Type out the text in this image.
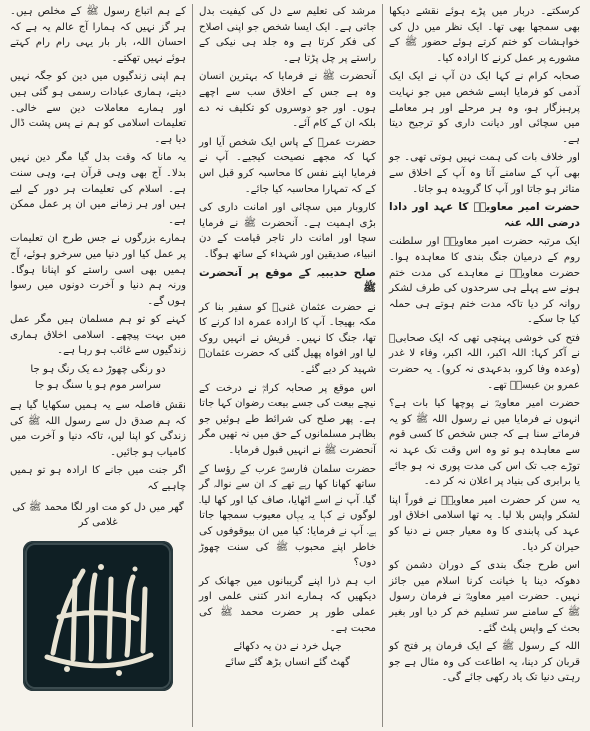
کرسکتے۔ دربار میں پڑے ہوئے نقشے دیکھا بھی سمجھا بھی تھا۔ ایک نظر میں دل کی خواہشات کو ختم کرتے ہوئے حضور ﷺ کے مشورے پر عمل کرنے کا ارادہ کیا۔

صحابہ کرام نے کہا ایک دن آپ نے ایک ایک آدمی کو فرمایا ایسے شخص میں جو نہایت پرہیزگار ہو، وہ ہر مرحلے اور ہر معاملے میں سچائی اور دیانت داری کو ترجیح دیتا ہے۔

اور خلاف بات کی ہمت نہیں ہوتی تھی۔ جو بھی آپ کے سامنے آتا وہ آپ کے اخلاق سے متاثر ہو جاتا اور آپ کا گرویدہ ہو جاتا۔

حضرت امیر معاویہؓ کا عہد اور دادا درضی اللہ عنہ

ایک مرتبہ حضرت امیر معاویہؓ اور سلطنت روم کے درمیان جنگ بندی کا معاہدہ ہوا۔ حضرت معاویہؓ نے معاہدے کی مدت ختم ہونے سے پہلے ہی سرحدوں کی طرف لشکر روانہ کر دیا تاکہ مدت ختم ہوتے ہی حملہ کیا جا سکے۔

فتح کی خوشی پہنچی تھی کہ ایک صحابیؓ نے آکر کہا: اللہ اکبر، اللہ اکبر، وفاء لا غدر (وعدہ وفا کرو، بدعہدی نہ کرو)۔ یہ حضرت عمرو بن عبسہؓ تھے۔

حضرت امیر معاویہؓ نے پوچھا کیا بات ہے؟ انہوں نے فرمایا میں نے رسول اللہ ﷺ کو یہ فرماتے سنا ہے کہ جس شخص کا کسی قوم سے معاہدہ ہو تو وہ اس وقت تک عہد نہ توڑے جب تک اس کی مدت پوری نہ ہو جائے یا برابری کی بنیاد پر اعلان نہ کر دے۔

یہ سن کر حضرت امیر معاویہؓ نے فوراً اپنا لشکر واپس بلا لیا۔ یہ تھا اسلامی اخلاق اور عہد کی پابندی کا وہ معیار جس نے دنیا کو حیران کر دیا۔

اس طرح جنگ بندی کے دوران دشمن کو دھوکہ دینا یا خیانت کرنا اسلام میں جائز نہیں۔ حضرت امیر معاویہؓ نے فرمان رسول ﷺ کے سامنے سر تسلیم خم کر دیا اور بغیر بحث کے واپس پلٹ گئے۔

اللہ کے رسول ﷺ کے ایک فرمان پر فتح کو قربان کر دینا، یہ اطاعت کی وہ مثال ہے جو رہتی دنیا تک یاد رکھی جائے گی۔

مرشد کی تعلیم سے دل کی کیفیت بدل جاتی ہے۔ ایک ایسا شخص جو اپنی اصلاح کی فکر کرتا ہے وہ جلد ہی نیکی کے راستے پر چل پڑتا ہے۔

آنحضرت ﷺ نے فرمایا کہ بہترین انسان وہ ہے جس کے اخلاق سب سے اچھے ہوں۔ اور جو دوسروں کو تکلیف نہ دے بلکہ ان کے کام آئے۔

حضرت عمرؓ کے پاس ایک شخص آیا اور کہا کہ مجھے نصیحت کیجیے۔ آپ نے فرمایا اپنے نفس کا محاسبہ کرو قبل اس کے کہ تمہارا محاسبہ کیا جائے۔

کاروبار میں سچائی اور امانت داری کی بڑی اہمیت ہے۔ آنحضرت ﷺ نے فرمایا سچا اور امانت دار تاجر قیامت کے دن انبیاء، صدیقین اور شہداء کے ساتھ ہوگا۔

صلح حدیبیہ کے موقع پر آنحضرت ﷺ

نے حضرت عثمان غنیؓ کو سفیر بنا کر مکہ بھیجا۔ آپ کا ارادہ عمرہ ادا کرنے کا تھا، جنگ کا نہیں۔ قریش نے انہیں روک لیا اور افواہ پھیل گئی کہ حضرت عثمانؓ شہید کر دیے گئے۔

اس موقع پر صحابہ کرامؓ نے درخت کے نیچے بیعت کی جسے بیعت رضوان کہا جاتا ہے۔ پھر صلح کی شرائط طے ہوئیں جو بظاہر مسلمانوں کے حق میں نہ تھیں مگر آنحضرت ﷺ نے انہیں قبول فرمایا۔

حضرت سلمان فارسیؓ عرب کے رؤسا کے ساتھ کھانا کھا رہے تھے کہ ان سے نوالہ گر گیا۔ آپ نے اسے اٹھایا، صاف کیا اور کھا لیا۔ لوگوں نے کہا یہ یہاں معیوب سمجھا جاتا ہے۔ آپ نے فرمایا: کیا میں ان بیوقوفوں کی خاطر اپنے محبوب ﷺ کی سنت چھوڑ دوں؟

اب ہم ذرا اپنے گریبانوں میں جھانک کر دیکھیں کہ ہمارے اندر کتنی علمی اور عملی طور پر حضرت محمد ﷺ کی محبت ہے۔

جہل خرد نے دن یہ دکھائے
گھٹ گئے انساں بڑھ گئے سائے

کے ہم اتباع رسول ﷺ کے مخلص ہیں۔ ہر گز نہیں کہ ہمارا آج عالم یہ ہے کہ احسان اللہ، بار بار یہی رام رام کہتے ہوئے نہیں تھکتے۔

ہم اپنی زندگیوں میں دین کو جگہ نہیں دیتے، ہماری عبادات رسمی ہو گئی ہیں اور ہمارے معاملات دین سے خالی۔ تعلیمات اسلامی کو ہم نے پس پشت ڈال دیا ہے۔

یہ مانا کہ وقت بدل گیا مگر دین نہیں بدلا۔ آج بھی وہی قرآن ہے، وہی سنت ہے۔ اسلام کی تعلیمات ہر دور کے لیے ہیں اور ہر زمانے میں ان پر عمل ممکن ہے۔

ہمارے بزرگوں نے جس طرح ان تعلیمات پر عمل کیا اور دنیا میں سرخرو ہوئے، آج ہمیں بھی اسی راستے کو اپنانا ہوگا۔ ورنہ ہم دنیا و آخرت دونوں میں رسوا ہوں گے۔

کہنے کو تو ہم مسلمان ہیں مگر عمل میں بہت پیچھے۔ اسلامی اخلاق ہماری زندگیوں سے غائب ہو رہا ہے۔

دو رنگی چھوڑ دے یک رنگ ہو جا
سراسر موم ہو یا سنگ ہو جا

نقش فاصلہ سے یہ ہمیں سکھایا گیا ہے کہ ہم صدق دل سے رسول اللہ ﷺ کی زندگی کو اپنا لیں، تاکہ دنیا و آخرت میں کامیاب ہو جائیں۔

اگر جنت میں جانے کا ارادہ ہو تو ہمیں چاہیے کہ

گھر میں دل کو مت اور لگا محمد ﷺ کی غلامی کر
